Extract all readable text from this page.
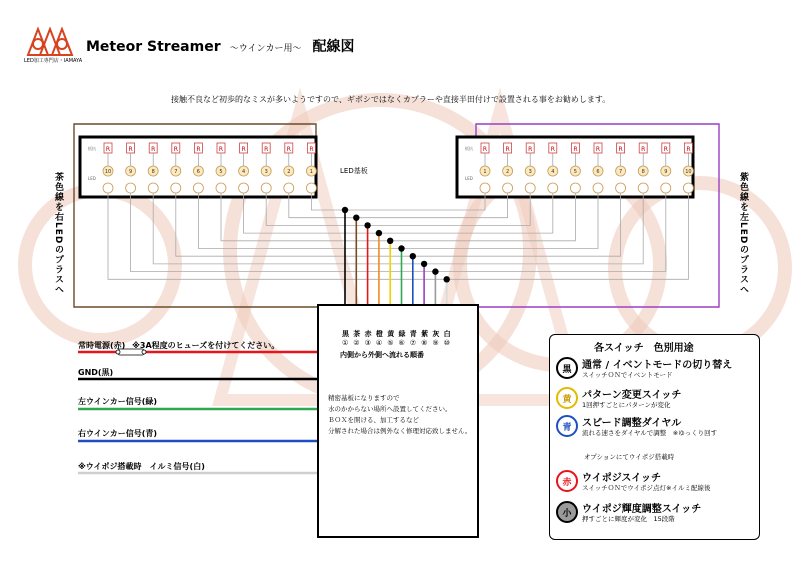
R
10
R
9
R
8
R
7
R
6
R
5
R
4
R
3
R
2
R
1
抵抗
LED
R
1
R
2
R
3
R
4
R
5
R
6
R
7
R
8
R
9
R
10
抵抗
LED
LED加工専門店・IAMAYA
Meteor Streamer ～ウインカー用～ 配線図
接触不良など初歩的なミスが多いようですので、ギボシではなくカプラーや直接半田付けで設置される事をお勧めします。
LED基板
茶色線を右LEDのプラスへ	紫色線を左LEDのプラスへ
常時電源(赤) ※3A程度のヒューズを付けてください。
GND(黒)
左ウインカー信号(緑)
右ウインカー信号(青)
※ウイポジ搭載時　イルミ信号(白)
黒 茶 赤 橙 黄 緑 青 紫 灰 白
① ② ③ ④ ⑤ ⑥ ⑦ ⑧ ⑨ ⑩
内側から外側へ流れる順番
精密基板になりますので
水のかからない場所へ設置してください。
ＢＯＸを開ける、加工するなど
分解された場合は例外なく修理対応致しません。
各スイッチ　色別用途
黒	通常 / イベントモードの切り替え
スイッチＯＮでイベントモード
黄	パターン変更スイッチ
1回押すごとにパターンが変化
青	スピード調整ダイヤル
流れる速さをダイヤルで調整　※ゆっくり回す
オプションにてウイポジ搭載時
赤	ウイポジスイッチ
スイッチＯＮでウイポジ点灯※イルミ配線後
小	ウイポジ輝度調整スイッチ
押すごとに輝度が変化　15段階
